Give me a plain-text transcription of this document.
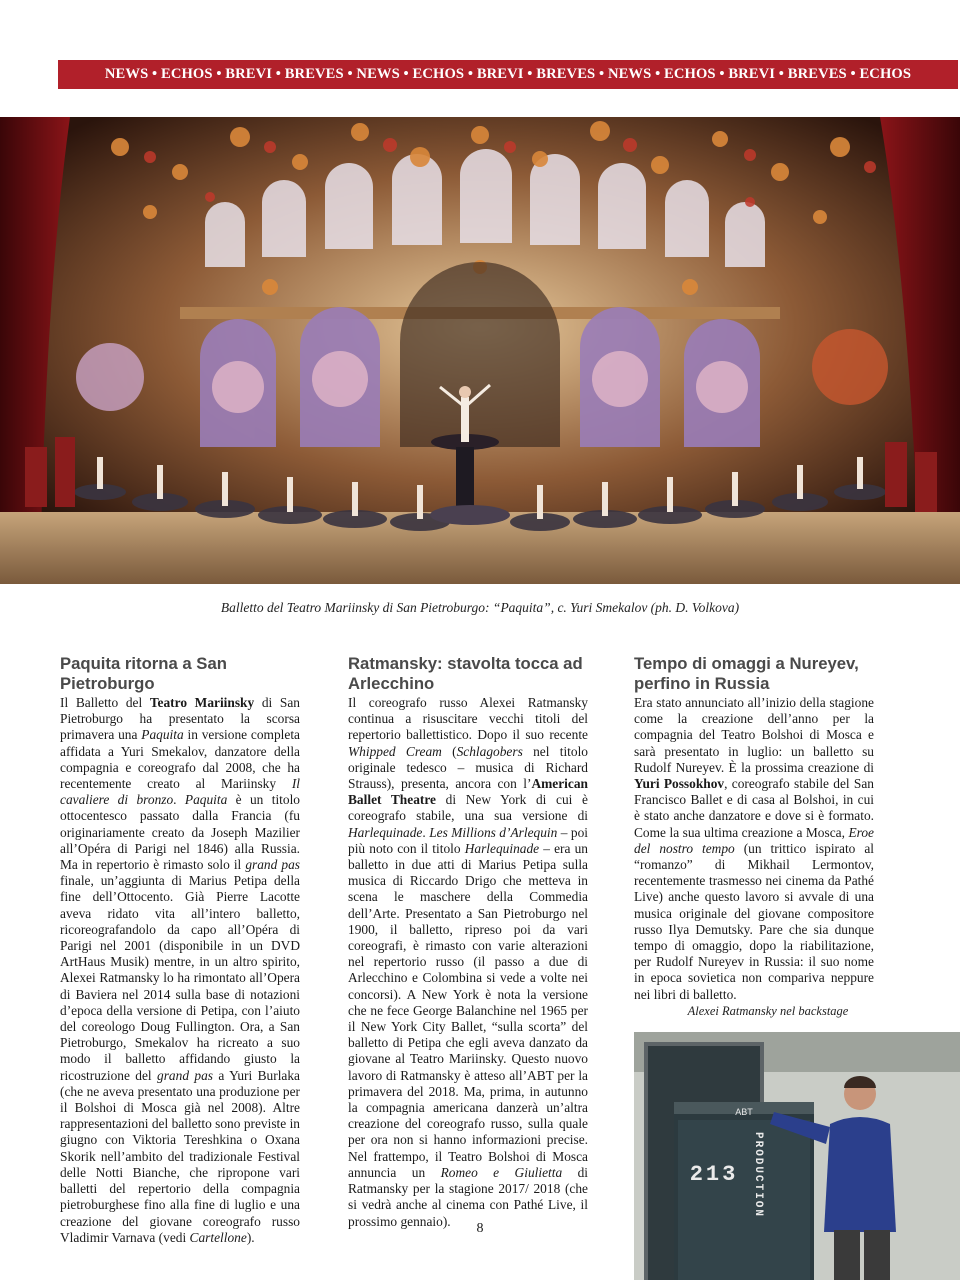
NEWS • ECHOS • BREVI • BREVES • NEWS • ECHOS • BREVI • BREVES • NEWS • ECHOS • BREVI • BREVES • ECHOS
Balletto del Teatro Mariinsky di San Pietroburgo: “Paquita”, c. Yuri Smekalov (ph. D. Volkova)
Paquita ritorna a San Pietroburgo

Il Balletto del Teatro Mariinsky di San Pietroburgo ha presentato la scorsa primavera una Paquita in versione completa affidata a Yuri Smekalov, danzatore della compagnia e coreografo dal 2008, che ha recentemente creato al Mariinsky Il cavaliere di bronzo. Paquita è un titolo ottocentesco passato dalla Francia (fu originariamente creato da Joseph Mazilier all’Opéra di Parigi nel 1846) alla Russia. Ma in repertorio è rimasto solo il grand pas finale, un’aggiunta di Marius Petipa della fine dell’Ottocento. Già Pierre Lacotte aveva ridato vita all’intero balletto, ricoreografandolo da capo all’Opéra di Parigi nel 2001 (disponibile in un DVD ArtHaus Musik) mentre, in un altro spirito, Alexei Ratmansky lo ha rimontato all’Opera di Baviera nel 2014 sulla base di notazioni d’epoca della versione di Petipa, con l’aiuto del coreologo Doug Fullington. Ora, a San Pietroburgo, Smekalov ha ricreato a suo modo il balletto affidando giusto la ricostruzione del grand pas a Yuri Burlaka (che ne aveva presentato una produzione per il Bolshoi di Mosca già nel 2008). Altre rappresentazioni del balletto sono previste in giugno con Viktoria Tereshkina o Oxana Skorik nell’ambito del tradizionale Festival delle Notti Bianche, che ripropone vari balletti del repertorio della compagnia pietroburghese fino alla fine di luglio e una creazione del giovane coreografo russo Vladimir Varnava (vedi Cartellone).

Ratmansky: stavolta tocca ad Arlecchino

Il coreografo russo Alexei Ratmansky continua a risuscitare vecchi titoli del repertorio ballettistico. Dopo il suo recente Whipped Cream (Schlagobers nel titolo originale tedesco – musica di Richard Strauss), presenta, ancora con l’American Ballet Theatre di New York di cui è coreografo stabile, una sua versione di Harlequinade. Les Millions d’Arlequin – poi più noto con il titolo Harlequinade – era un balletto in due atti di Marius Petipa sulla musica di Riccardo Drigo che metteva in scena le maschere della Commedia dell’Arte. Presentato a San Pietroburgo nel 1900, il balletto, ripreso poi da vari coreografi, è rimasto con varie alterazioni nel repertorio russo (il passo a due di Arlecchino e Colombina si vede a volte nei concorsi). A New York è nota la versione che ne fece George Balanchine nel 1965 per il New York City Ballet, “sulla scorta” del balletto di Petipa che egli aveva danzato da giovane al Teatro Mariinsky. Questo nuovo lavoro di Ratmansky è atteso all’ABT per la primavera del 2018. Ma, prima, in autunno la compagnia americana danzerà un’altra creazione del coreografo russo, sulla quale per ora non si hanno informazioni precise. Nel frattempo, il Teatro Bolshoi di Mosca annuncia un Romeo e Giulietta di Ratmansky per la stagione 2017/ 2018 (che si vedrà anche al cinema con Pathé Live, il prossimo gennaio).

Tempo di omaggi a Nureyev, perfino in Russia

Era stato annunciato all’inizio della stagione come la creazione dell’anno per la compagnia del Teatro Bolshoi di Mosca e sarà presentato in luglio: un balletto su Rudolf Nureyev. È la prossima creazione di Yuri Possokhov, coreografo stabile del San Francisco Ballet e di casa al Bolshoi, in cui è stato anche danzatore e dove si è formato. Come la sua ultima creazione a Mosca, Eroe del nostro tempo (un trittico ispirato al “romanzo” di Mikhail Lermontov, recentemente trasmesso nei cinema da Pathé Live) anche questo lavoro si avvale di una musica originale del giovane compositore russo Ilya Demutsky. Pare che sia dunque tempo di omaggio, dopo la riabilitazione, per Rudolf Nureyev in Russia: il suo nome in epoca sovietica non compariva neppure nei libri di balletto.

Alexei Ratmansky nel backstage
ABT
213 PRODUCTION
8
